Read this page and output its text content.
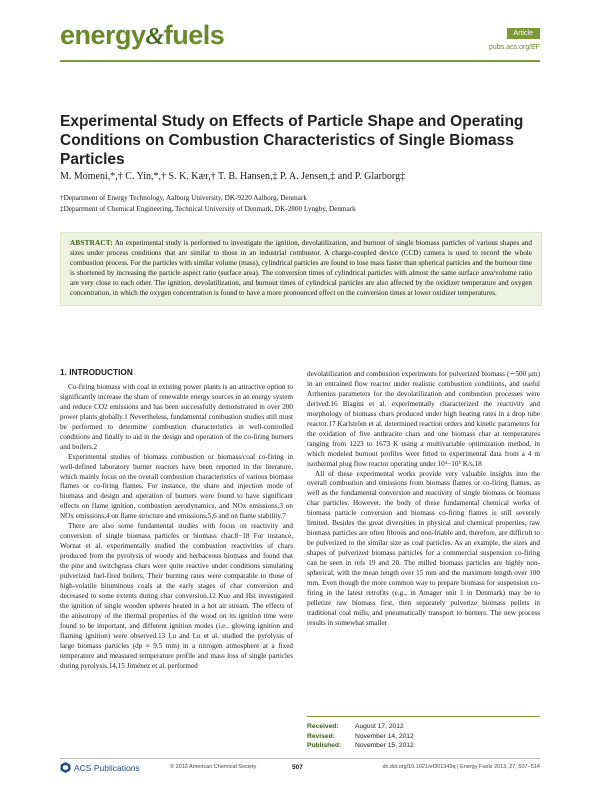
energy&fuels	Article
pubs.acs.org/EF
Experimental Study on Effects of Particle Shape and Operating Conditions on Combustion Characteristics of Single Biomass Particles
M. Momeni,*,† C. Yin,*,† S. K. Kær,† T. B. Hansen,‡ P. A. Jensen,‡ and P. Glarborg‡

†Department of Energy Technology, Aalborg University, DK-9220 Aalborg, Denmark

‡Department of Chemical Engineering, Technical University of Denmark, DK-2800 Lyngby, Denmark

ABSTRACT: An experimental study is performed to investigate the ignition, devolatilization, and burnout of single biomass particles of various shapes and sizes under process conditions that are similar to those in an industrial combustor. A charge-coupled device (CCD) camera is used to record the whole combustion process. For the particles with similar volume (mass), cylindrical particles are found to lose mass faster than spherical particles and the burnout time is shortened by increasing the particle aspect ratio (surface area). The conversion times of cylindrical particles with almost the same surface area/volume ratio are very close to each other. The ignition, devolatilization, and burnout times of cylindrical particles are also affected by the oxidizer temperature and oxygen concentration, in which the oxygen concentration is found to have a more pronounced effect on the conversion times at lower oxidizer temperatures.
1. INTRODUCTION

Co-firing biomass with coal in existing power plants is an attractive option to significantly increase the share of renewable energy sources in an energy system and reduce CO2 emissions and has been successfully demonstrated in over 200 power plants globally.1 Nevertheless, fundamental combustion studies still must be performed to determine combustion characteristics in well-controlled conditions and finally to aid in the design and operation of the co-firing burners and boilers.2

Experimental studies of biomass combustion or biomass/coal co-firing in well-defined laboratory burner reactors have been reported in the literature, which mainly focus on the overall combustion characteristics of various biomass flames or co-firing flames. For instance, the share and injection mode of biomass and design and operation of burners were found to have significant effects on flame ignition, combustion aerodynamics, and NOx emissions,3 on NOx emissions,4 on flame structure and emissions,5,6 and on flame stability.7

There are also some fundamental studies with focus on reactivity and conversion of single biomass particles or biomass char.8−18 For instance, Wornat et al. experimentally studied the combustion reactivities of chars produced from the pyrolysis of woody and herbaceous biomass and found that the pine and switchgrass chars were quite reactive under conditions simulating pulverized fuel-fired boilers. Their burning rates were comparable to those of high-volatile bituminous coals at the early stages of char conversion and decreased to some extents during char conversion.12 Kuo and Hsi investigated the ignition of single wooden spheres heated in a hot air stream. The effects of the anisotropy of the thermal properties of the wood on its ignition time were found to be important, and different ignition modes (i.e., glowing ignition and flaming ignition) were observed.13 Lu and Lu et al. studied the pyrolysis of large biomass particles (dp ≈ 9.5 mm) in a nitrogen atmosphere at a fixed temperature and measured temperature profile and mass loss of single particles during pyrolysis.14,15 Jiménez et al. performed

devolatilization and combustion experiments for pulverized biomass (∼500 μm) in an entrained flow reactor under realistic combustion conditions, and useful Arrhenius parameters for the devolatilization and combustion processes were derived.16 Biagini et al. experimentally characterized the reactivity and morphology of biomass chars produced under high heating rates in a drop tube reactor.17 Karlström et al. determined reaction orders and kinetic parameters for the oxidation of five anthracite chars and one biomass char at temperatures ranging from 1223 to 1673 K using a multivariable optimization method, in which modeled burnout profiles were fitted to experimental data from a 4 m isothermal plug flow reactor operating under 10⁴−10⁵ K/s.18

All of these experimental works provide very valuable insights into the overall combustion and emissions from biomass flames or co-firing flames, as well as the fundamental conversion and reactivity of single biomass or biomass char particles. However, the body of these fundamental chemical works of biomass particle conversion and biomass co-firing flames is still severely limited. Besides the great diversities in physical and chemical properties, raw biomass particles are often fibrous and non-friable and, therefore, are difficult to be pulverized to the similar size as coal particles. As an example, the sizes and shapes of pulverized biomass particles for a commercial suspension co-firing can be seen in refs 19 and 20. The milled biomass particles are highly non-spherical, with the mean length over 15 mm and the maximum length over 100 mm. Even though the more common way to prepare biomass for suspension co-firing in the latest retrofits (e.g., in Amager unit 1 in Denmark) may be to pelletize raw biomass first, then separately pulverize biomass pellets in traditional coal mills, and pneumatically transport to burners. The new process results in somewhat smaller

Received:	August 17, 2012
Revised:	November 14, 2012
Published:	November 15, 2012
ACS Publications	© 2012 American Chemical Society	507	dx.doi.org/10.1021/ef301343q | Energy Fuels 2013, 27, 507−514
